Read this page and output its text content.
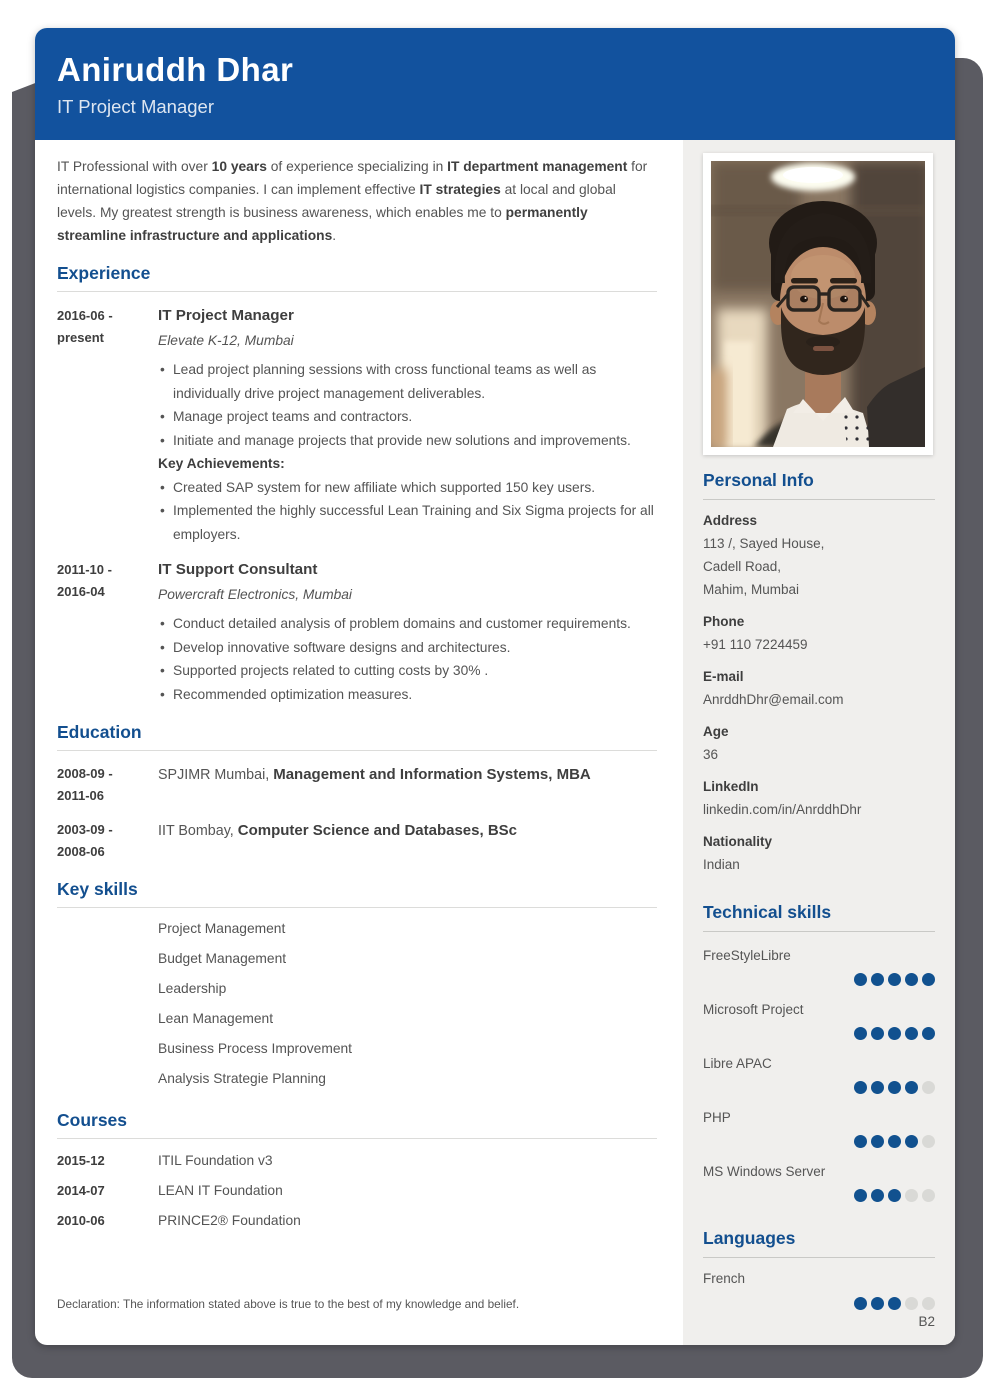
Aniruddh Dhar
IT Project Manager

IT Professional with over 10 years of experience specializing in IT department management for international logistics companies. I can implement effective IT strategies at local and global levels. My greatest strength is business awareness, which enables me to permanently streamline infrastructure and applications.

Experience
2016-06 -
present
IT Project Manager
Elevate K-12, Mumbai
• Lead project planning sessions with cross functional teams as well as individually drive project management deliverables.
• Manage project teams and contractors.
• Initiate and manage projects that provide new solutions and improvements.
Key Achievements:
• Created SAP system for new affiliate which supported 150 key users.
• Implemented the highly successful Lean Training and Six Sigma projects for all employers.
2011-10 -
2016-04
IT Support Consultant
Powercraft Electronics, Mumbai
• Conduct detailed analysis of problem domains and customer requirements.
• Develop innovative software designs and architectures.
• Supported projects related to cutting costs by 30% .
• Recommended optimization measures.
Education
2008-09 -
2011-06
SPJIMR Mumbai, Management and Information Systems, MBA
2003-09 -
2008-06
IIT Bombay, Computer Science and Databases, BSc
Key skills
Project Management
Budget Management
Leadership
Lean Management
Business Process Improvement
Analysis Strategie Planning
Courses
2015-12	ITIL Foundation v3
2014-07	LEAN IT Foundation
2010-06	PRINCE2® Foundation
Declaration: The information stated above is true to the best of my knowledge and belief.
Personal Info
Address
113 /, Sayed House,
Cadell Road,
Mahim, Mumbai
Phone
+91 110 7224459
E-mail
AnrddhDhr@email.com
Age
36
LinkedIn
linkedin.com/in/AnrddhDhr
Nationality
Indian
Technical skills
FreeStyleLibre
Microsoft Project
Libre APAC
PHP
MS Windows Server
Languages
French
B2
